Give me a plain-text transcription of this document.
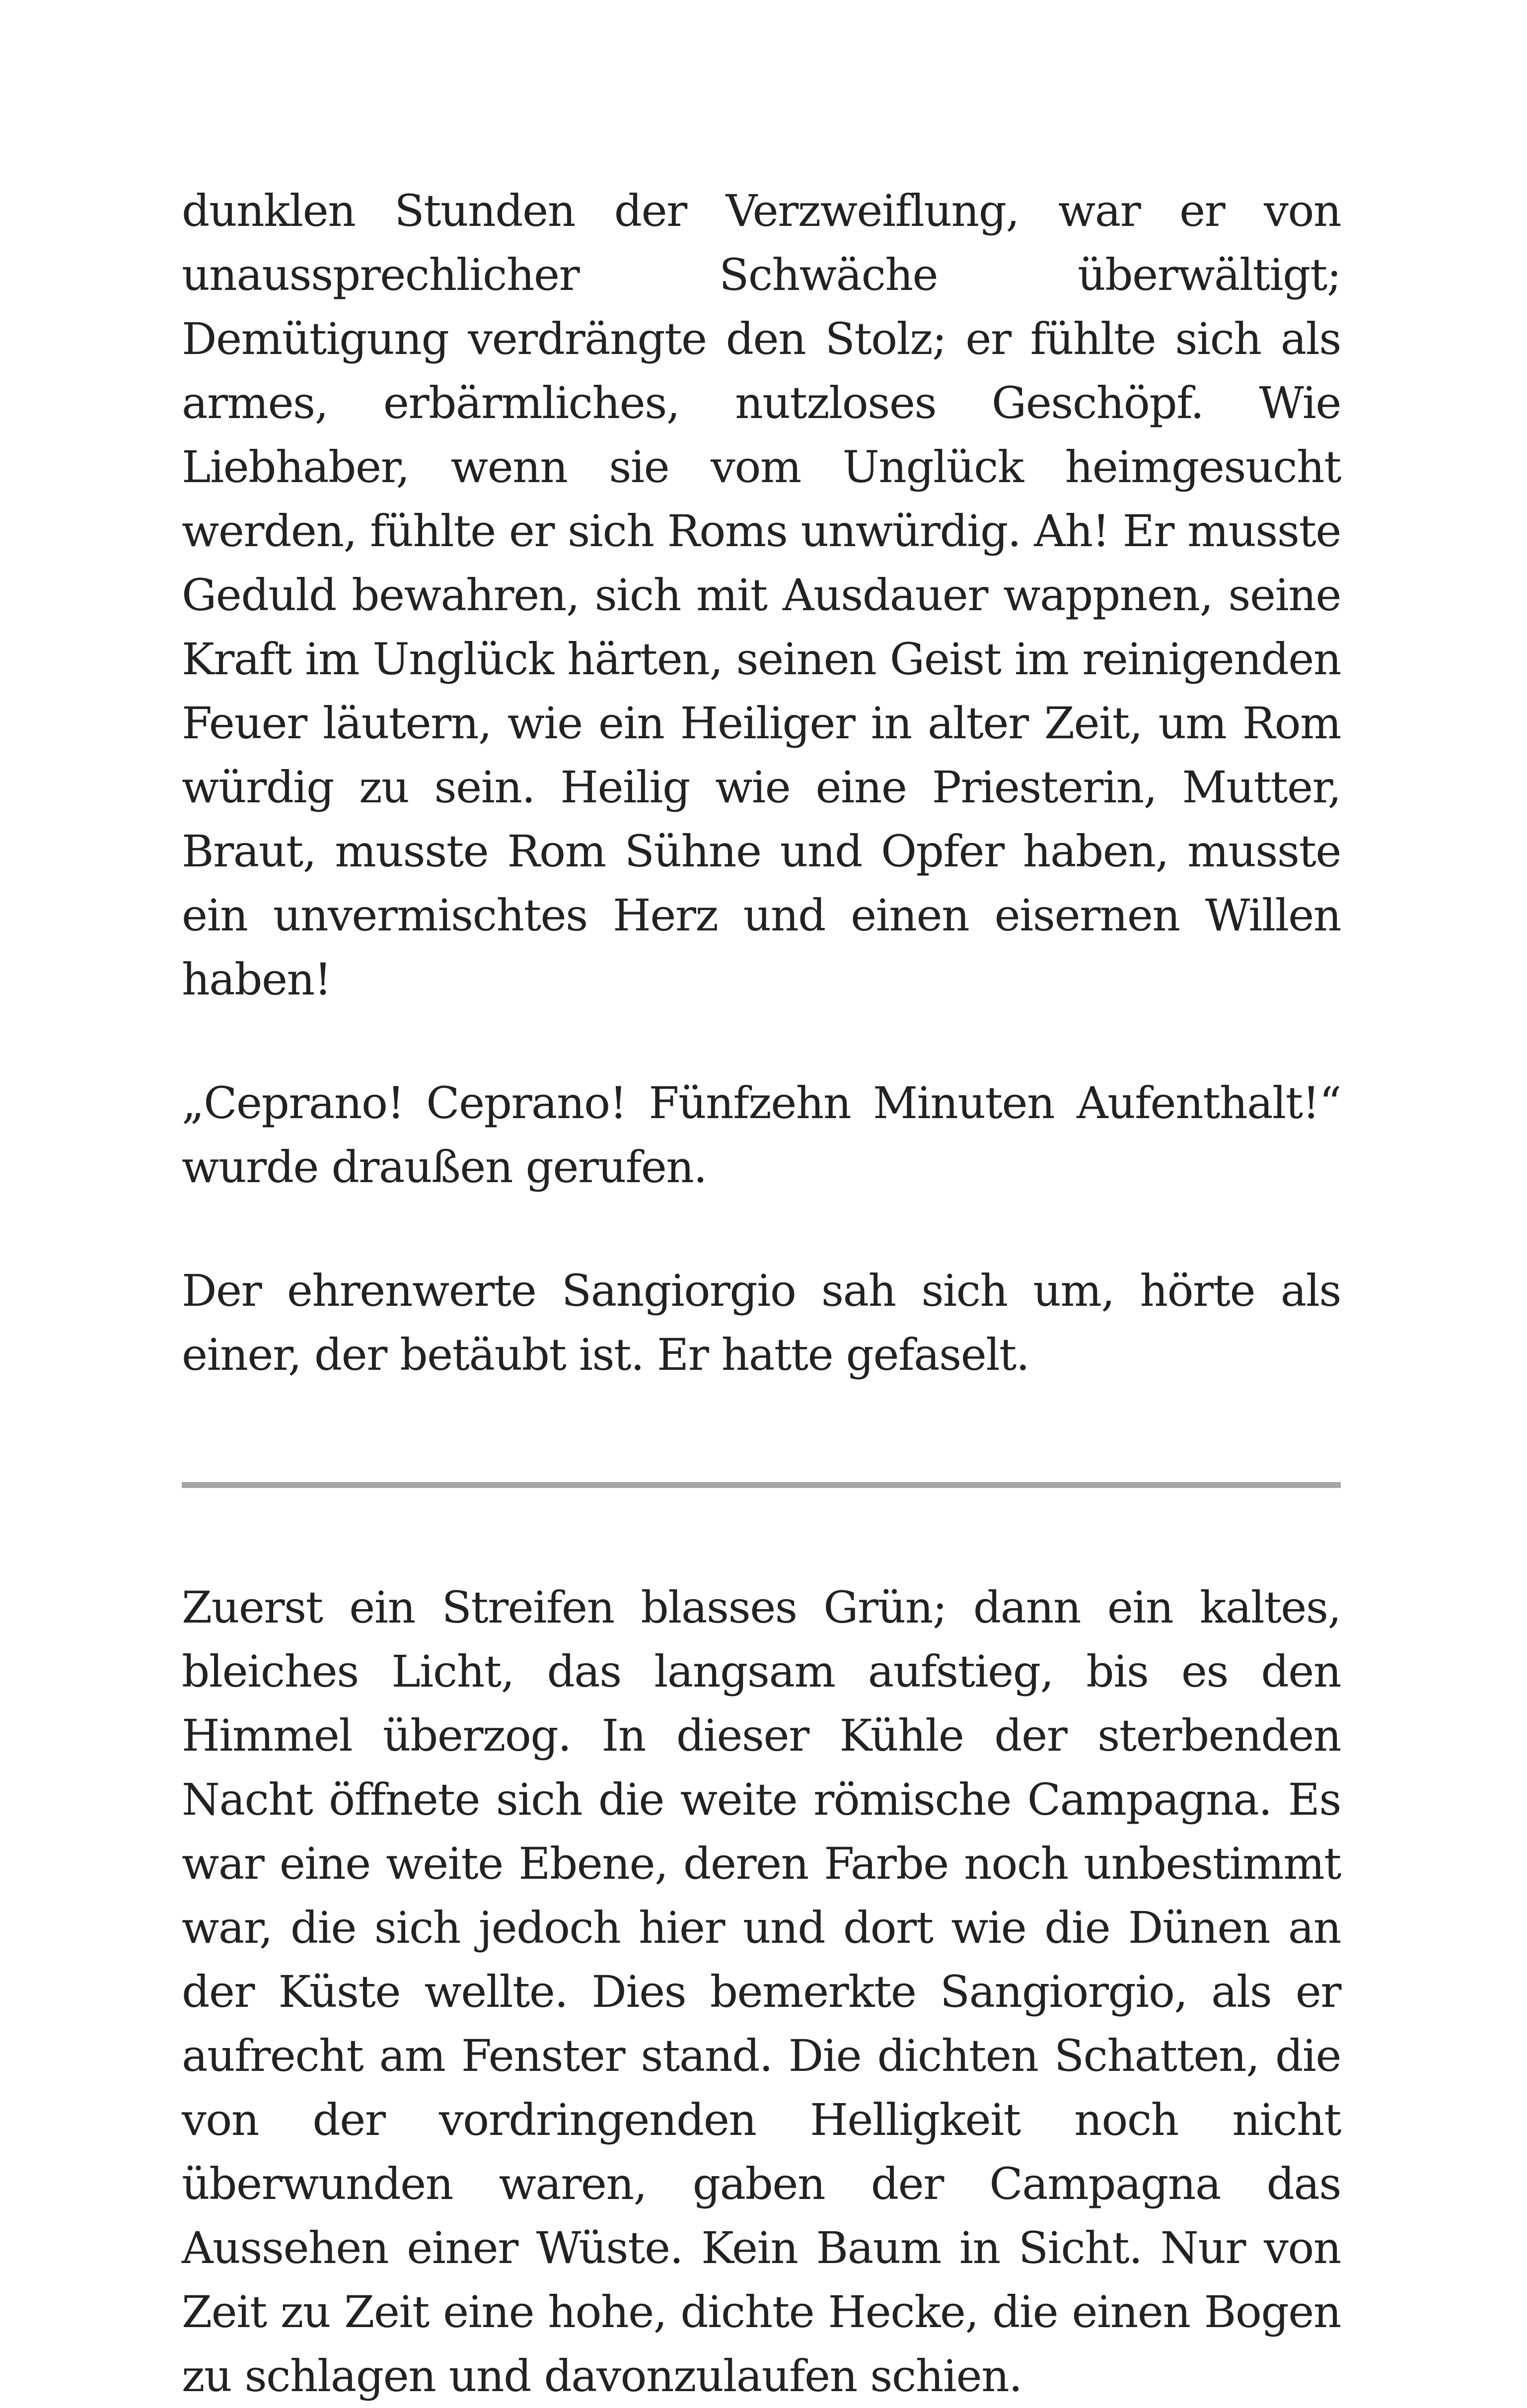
dunklen Stunden der Verzweiflung, war er von unaussprechlicher Schwäche überwältigt; Demütigung verdrängte den Stolz; er fühlte sich als armes, erbärmliches, nutzloses Geschöpf. Wie Liebhaber, wenn sie vom Unglück heimgesucht werden, fühlte er sich Roms unwürdig. Ah! Er musste Geduld bewahren, sich mit Ausdauer wappnen, seine Kraft im Unglück härten, seinen Geist im reinigenden Feuer läutern, wie ein Heiliger in alter Zeit, um Rom würdig zu sein. Heilig wie eine Priesterin, Mutter, Braut, musste Rom Sühne und Opfer haben, musste ein unvermischtes Herz und einen eisernen Willen haben!

„Ceprano! Ceprano! Fünfzehn Minuten Aufenthalt!“ wurde draußen gerufen.

Der ehrenwerte Sangiorgio sah sich um, hörte als einer, der betäubt ist. Er hatte gefaselt.

Zuerst ein Streifen blasses Grün; dann ein kaltes, bleiches Licht, das langsam aufstieg, bis es den Himmel überzog. In dieser Kühle der sterbenden Nacht öffnete sich die weite römische Campagna. Es war eine weite Ebene, deren Farbe noch unbestimmt war, die sich jedoch hier und dort wie die Dünen an der Küste wellte. Dies bemerkte Sangiorgio, als er aufrecht am Fenster stand. Die dichten Schatten, die von der vordringenden Helligkeit noch nicht überwunden waren, gaben der Campagna das Aussehen einer Wüste. Kein Baum in Sicht. Nur von Zeit zu Zeit eine hohe, dichte Hecke, die einen Bogen zu schlagen und davonzulaufen schien.
